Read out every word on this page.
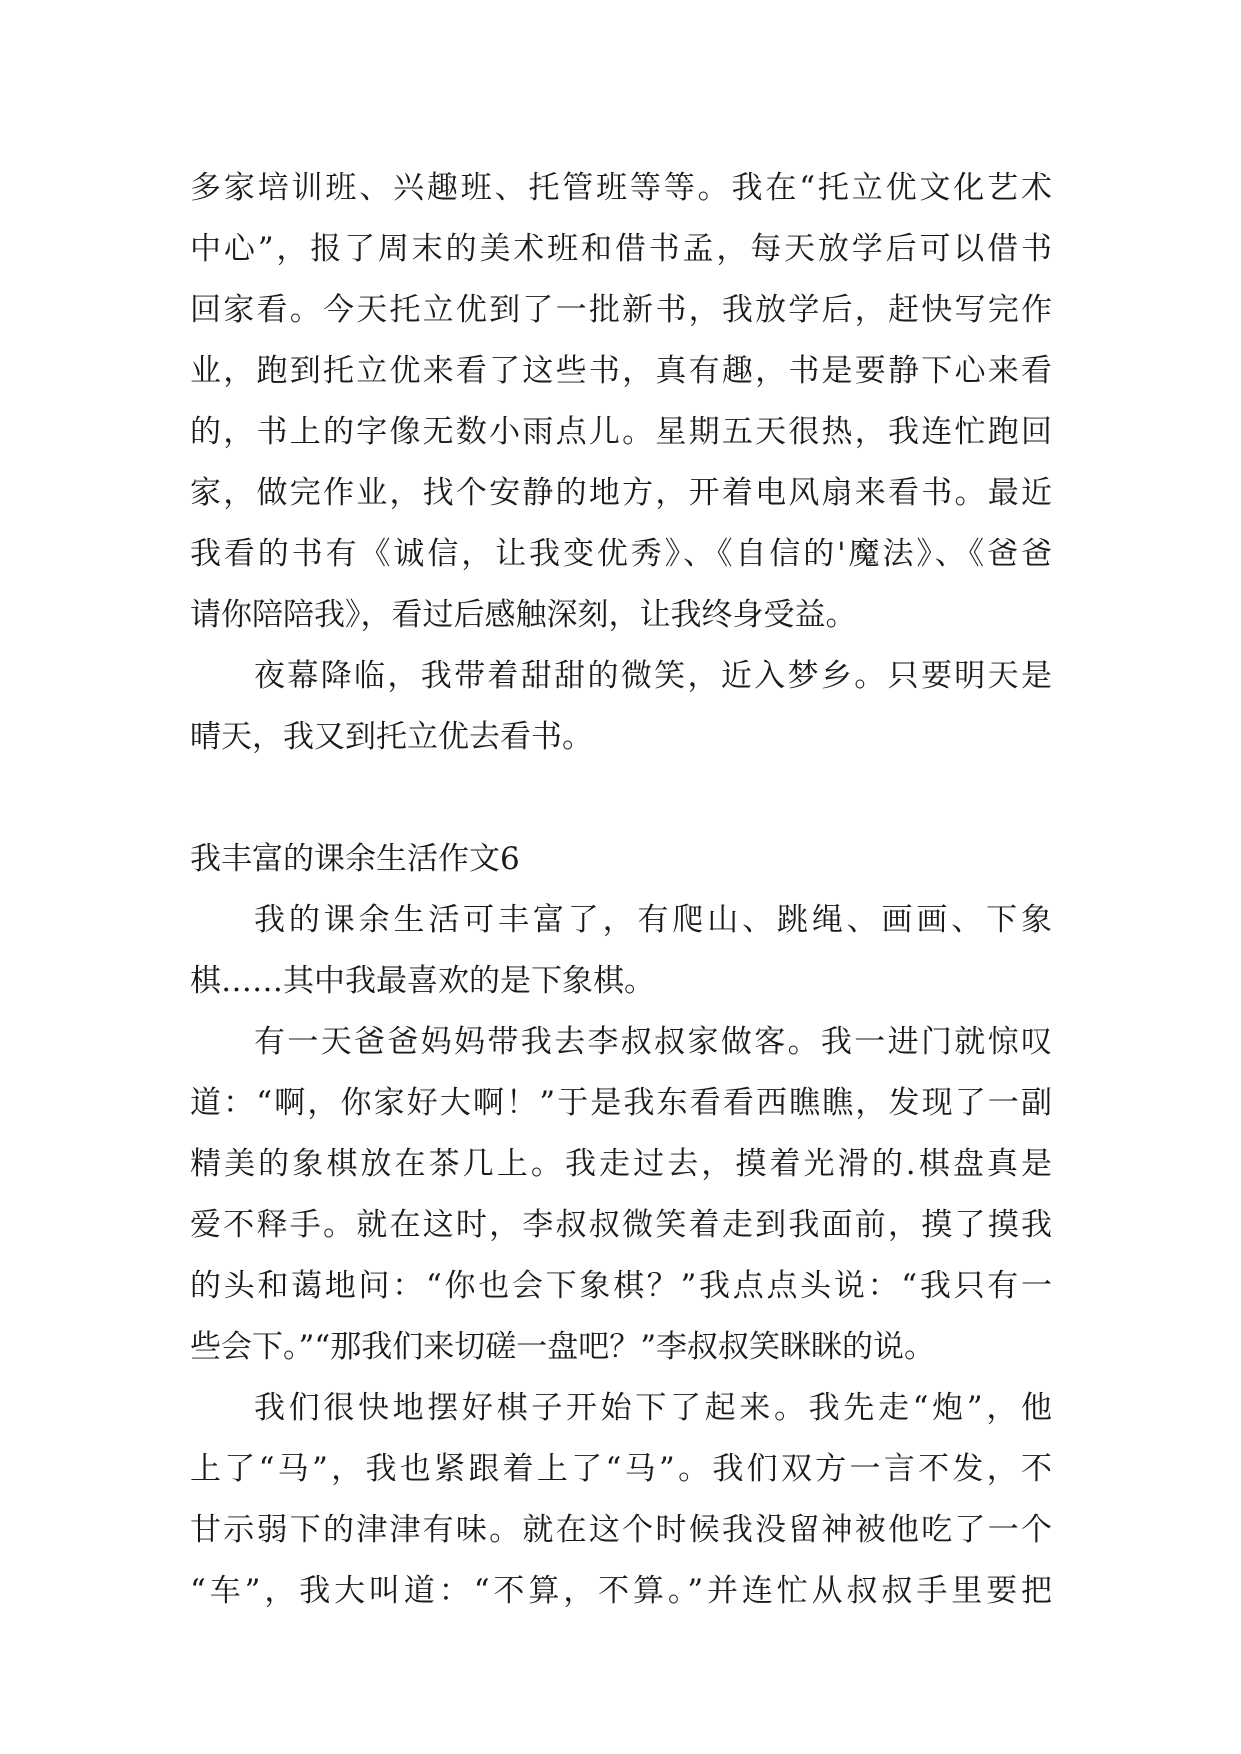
多家培训班、兴趣班、托管班等等。我在“托立优文化艺术
中心”，报了周末的美术班和借书孟，每天放学后可以借书
回家看。今天托立优到了一批新书，我放学后，赶快写完作
业，跑到托立优来看了这些书，真有趣，书是要静下心来看
的，书上的字像无数小雨点儿。星期五天很热，我连忙跑回
家，做完作业，找个安静的地方，开着电风扇来看书。最近
我看的书有《诚信，让我变优秀》、《自信的'魔法》、《爸爸
请你陪陪我》，看过后感触深刻，让我终身受益。
夜幕降临，我带着甜甜的微笑，近入梦乡。只要明天是
晴天，我又到托立优去看书。
我丰富的课余生活作文6
我的课余生活可丰富了，有爬山、跳绳、画画、下象
棋……其中我最喜欢的是下象棋。
有一天爸爸妈妈带我去李叔叔家做客。我一进门就惊叹
道：“啊，你家好大啊！”于是我东看看西瞧瞧，发现了一副
精美的象棋放在茶几上。我走过去，摸着光滑的.棋盘真是
爱不释手。就在这时，李叔叔微笑着走到我面前，摸了摸我
的头和蔼地问：“你也会下象棋？”我点点头说：“我只有一
些会下。”“那我们来切磋一盘吧？”李叔叔笑眯眯的说。
我们很快地摆好棋子开始下了起来。我先走“炮”，他
上了“马”，我也紧跟着上了“马”。我们双方一言不发，不
甘示弱下的津津有味。就在这个时候我没留神被他吃了一个
“车”，我大叫道：“不算，不算。”并连忙从叔叔手里要把
